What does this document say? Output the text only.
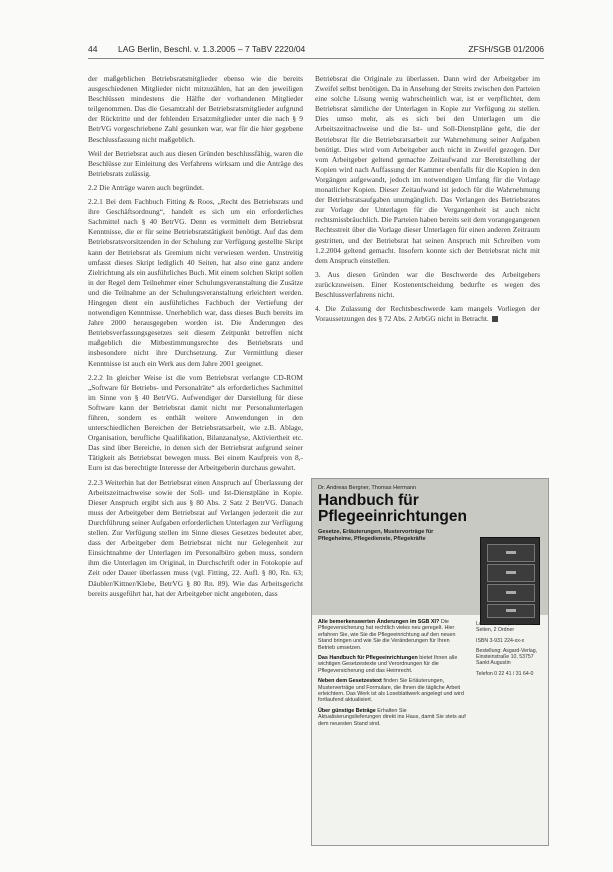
44 LAG Berlin, Beschl. v. 1.3.2005 – 7 TaBV 2220/04	ZFSH/SGB 01/2006

der maßgeblichen Betriebsratsmitglieder ebenso wie die bereits ausgeschiedenen Mitglieder nicht mitzuzählen, hat an den jeweiligen Beschlüssen mindestens die Hälfte der vorhandenen Mitglieder teilgenommen. Das die Gesamtzahl der Betriebsratsmitglieder aufgrund der Rücktritte und der fehlenden Ersatzmitglieder unter die nach § 9 BetrVG vorgeschriebene Zahl gesunken war, war für die hier gegebene Beschlussfassung nicht maßgeblich.

Weil der Betriebsrat auch aus diesen Gründen beschlussfähig, waren die Beschlüsse zur Einleitung des Verfahrens wirksam und die Anträge des Betriebsrats zulässig.

2.2 Die Anträge waren auch begründet.

2.2.1 Bei dem Fachbuch Fitting & Roos, „Recht des Betriebsrats und ihre Geschäftsordnung“, handelt es sich um ein erforderliches Sachmittel nach § 40 BetrVG. Denn es vermittelt dem Betriebsrat Kenntnisse, die er für seine Betriebsratstätigkeit benötigt. Auf das dem Betriebsratsvorsitzenden in der Schulung zur Verfügung gestellte Skript kann der Betriebsrat als Gremium nicht verwiesen werden. Unstreitig umfasst dieses Skript lediglich 40 Seiten, hat also eine ganz andere Zielrichtung als ein ausführliches Buch. Mit einem solchen Skript sollen in der Regel dem Teilnehmer einer Schulungsveranstaltung die Zusätze und die Teilnahme an der Schulungsveranstaltung erleichtert werden. Hingegen dient ein ausführliches Fachbuch der Vertiefung der notwendigen Kenntnisse. Unerheblich war, dass dieses Buch bereits im Jahre 2000 herausgegeben worden ist. Die Änderungen des Betriebsverfassungsgesetzes seit diesem Zeitpunkt betreffen nicht maßgeblich die Mitbestimmungsrechte des Betriebsrats und insbesondere nicht ihre Durchsetzung. Zur Vermittlung dieser Kenntnisse ist auch ein Werk aus dem Jahre 2001 geeignet.

2.2.2 In gleicher Weise ist die vom Betriebsrat verlangte CD-ROM „Software für Betriebs- und Personalräte“ als erforderliches Sachmittel im Sinne von § 40 BetrVG. Aufwendiger der Darstellung für diese Software kann der Betriebsrat damit nicht nur Personalunterlagen führen, sondern es enthält weitere Anwendungen in den unterschiedlichen Bereichen der Betriebsratsarbeit, wie z.B. Ablage, Organisation, berufliche Qualifikation, Bilanzanalyse, Aktiviertheit etc. Das sind über Bereiche, in denen sich der Betriebsrat aufgrund seiner Tätigkeit als Betriebsrat bewegen muss. Bei einem Kaufpreis von 8,- Euro ist das berechtigte Interesse der Arbeitgeberin durchaus gewahrt.

2.2.3 Weiterhin hat der Betriebsrat einen Anspruch auf Überlassung der Arbeitszeitnachweise sowie der Soll- und Ist-Dienstpläne in Kopie. Dieser Anspruch ergibt sich aus § 80 Abs. 2 Satz 2 BetrVG. Danach muss der Arbeitgeber dem Betriebsrat auf Verlangen jederzeit die zur Durchführung seiner Aufgaben erforderlichen Unterlagen zur Verfügung stellen. Zur Verfügung stellen im Sinne dieses Gesetzes bedeutet aber, dass der Arbeitgeber dem Betriebsrat nicht nur Gelegenheit zur Einsichtnahme der Unterlagen im Personalbüro geben muss, sondern ihm die Unterlagen im Original, in Durchschrift oder in Fotokopie auf Zeit oder Dauer überlassen muss (vgl. Fitting, 22. Aufl. § 80, Rn. 63; Däubler/Kittner/Klebe, BetrVG § 80 Rn. 89). Wie das Arbeitsgericht bereits ausgeführt hat, hat der Arbeitgeber nicht angeboten, dass

Betriebsrat die Originale zu überlassen. Dann wird der Arbeitgeber im Zweifel selbst benötigen. Da in Ansehung der Streits zwischen den Parteien eine solche Lösung wenig wahrscheinlich war, ist er verpflichtet, dem Betriebsrat sämtliche der Unterlagen in Kopie zur Verfügung zu stellen. Dies umso mehr, als es sich bei den Unterlagen um die Arbeitszeitnachweise und die Ist- und Soll-Dienstpläne geht, die der Betriebsrat für die Betriebsratsarbeit zur Wahrnehmung seiner Aufgaben benötigt. Dies wird vom Arbeitgeber auch nicht in Zweifel gezogen. Der vom Arbeitgeber geltend gemachte Zeitaufwand zur Bereitstellung der Kopien wird nach Auffassung der Kammer ebenfalls für die Kopien in den Vorgängen aufgewandt, jedoch im notwendigen Umfang für die Vorlage monatlicher Kopien. Dieser Zeitaufwand ist jedoch für die Wahrnehmung der Betriebsratsaufgaben unumgänglich. Das Verlangen des Betriebsrates zur Vorlage der Unterlagen für die Vergangenheit ist auch nicht rechtsmissbräuchlich. Die Parteien haben bereits seit dem vorangegangenen Rechtsstreit über die Vorlage dieser Unterlagen für einen anderen Zeitraum gestritten, und der Betriebsrat hat seinen Anspruch mit Schreiben vom 1.2.2004 geltend gemacht. Insofern konnte sich der Betriebsrat nicht mit dem Anspruch einstellen.

3. Aus diesen Gründen war die Beschwerde des Arbeitgebers zurückzuweisen. Einer Kostenentscheidung bedurfte es wegen des Beschlussverfahrens nicht.

4. Die Zulassung der Rechtsbeschwerde kam mangels Vorliegen der Voraussetzungen des § 72 Abs. 2 ArbGG nicht in Betracht.

Dr. Andreas Bergner, Thomas Hermann
Handbuch für Pflegeeinrichtungen
Gesetze, Erläuterungen, Mustervorträge für Pflegeheime, Pflegedienste, Pflegekräfte

Alle bemerkenswerten Änderungen im SGB XI? Die Pflegeversicherung hat rechtlich vieles neu geregelt. Hier erfahren Sie, wie Sie die Pflegeeinrichtung auf den neuen Stand bringen und wie Sie die Veränderungen für Ihren Betrieb umsetzen.

Das Handbuch für Pflegeeinrichtungen bietet Ihnen alle wichtigen Gesetzestexte und Verordnungen für die Pflegeversicherung und das Heimrecht.

Neben dem Gesetzestext finden Sie Erläuterungen, Musterverträge und Formulare, die Ihnen die tägliche Arbeit erleichtern. Das Werk ist als Loseblattwerk angelegt und wird fortlaufend aktualisiert.

Über günstige Beträge Erhalten Sie Aktualisierungslieferungen direkt ins Haus, damit Sie stets auf dem neuesten Stand sind.

Loseblattwerk, ca. 1.500 Seiten, 2 Ordner

ISBN 3-931 224-xx-x

Bestellung: Asgard-Verlag, Einsteinstraße 10, 53757 Sankt Augustin

Telefon 0 22 41 / 31 64-0
